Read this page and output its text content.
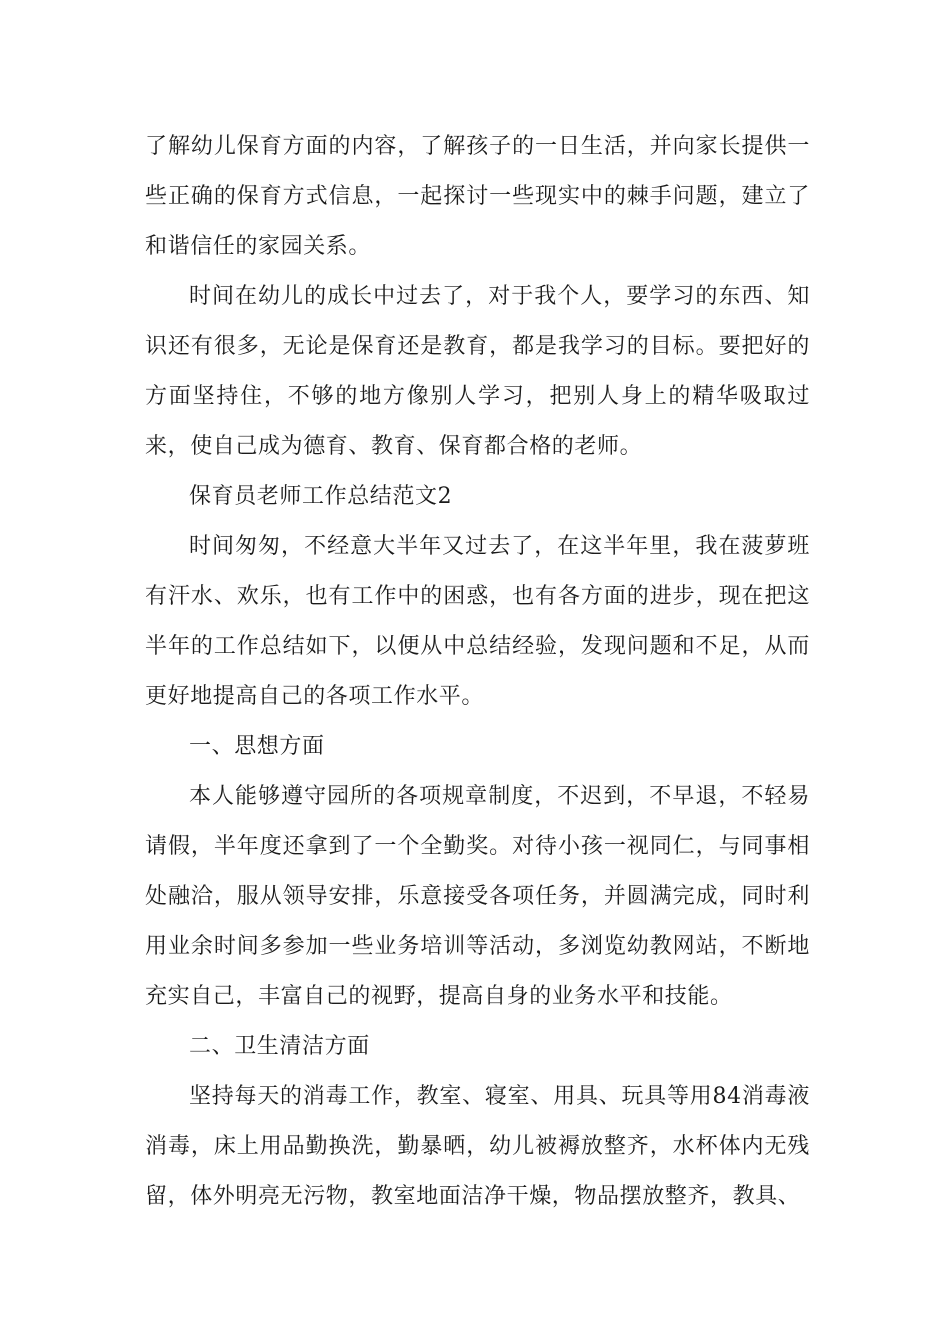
了解幼儿保育方面的内容，了解孩子的一日生活，并向家长提供一些正确的保育方式信息，一起探讨一些现实中的棘手问题，建立了和谐信任的家园关系。

时间在幼儿的成长中过去了，对于我个人，要学习的东西、知识还有很多，无论是保育还是教育，都是我学习的目标。要把好的方面坚持住，不够的地方像别人学习，把别人身上的精华吸取过来，使自己成为德育、教育、保育都合格的老师。

保育员老师工作总结范文2

时间匆匆，不经意大半年又过去了，在这半年里，我在菠萝班有汗水、欢乐，也有工作中的困惑，也有各方面的进步，现在把这半年的工作总结如下，以便从中总结经验，发现问题和不足，从而更好地提高自己的各项工作水平。

一、思想方面

本人能够遵守园所的各项规章制度，不迟到，不早退，不轻易请假，半年度还拿到了一个全勤奖。对待小孩一视同仁，与同事相处融洽，服从领导安排，乐意接受各项任务，并圆满完成，同时利用业余时间多参加一些业务培训等活动，多浏览幼教网站，不断地充实自己，丰富自己的视野，提高自身的业务水平和技能。

二、卫生清洁方面

坚持每天的消毒工作，教室、寝室、用具、玩具等用84消毒液消毒，床上用品勤换洗，勤暴晒，幼儿被褥放整齐，水杯体内无残留，体外明亮无污物，教室地面洁净干燥，物品摆放整齐，教具、
